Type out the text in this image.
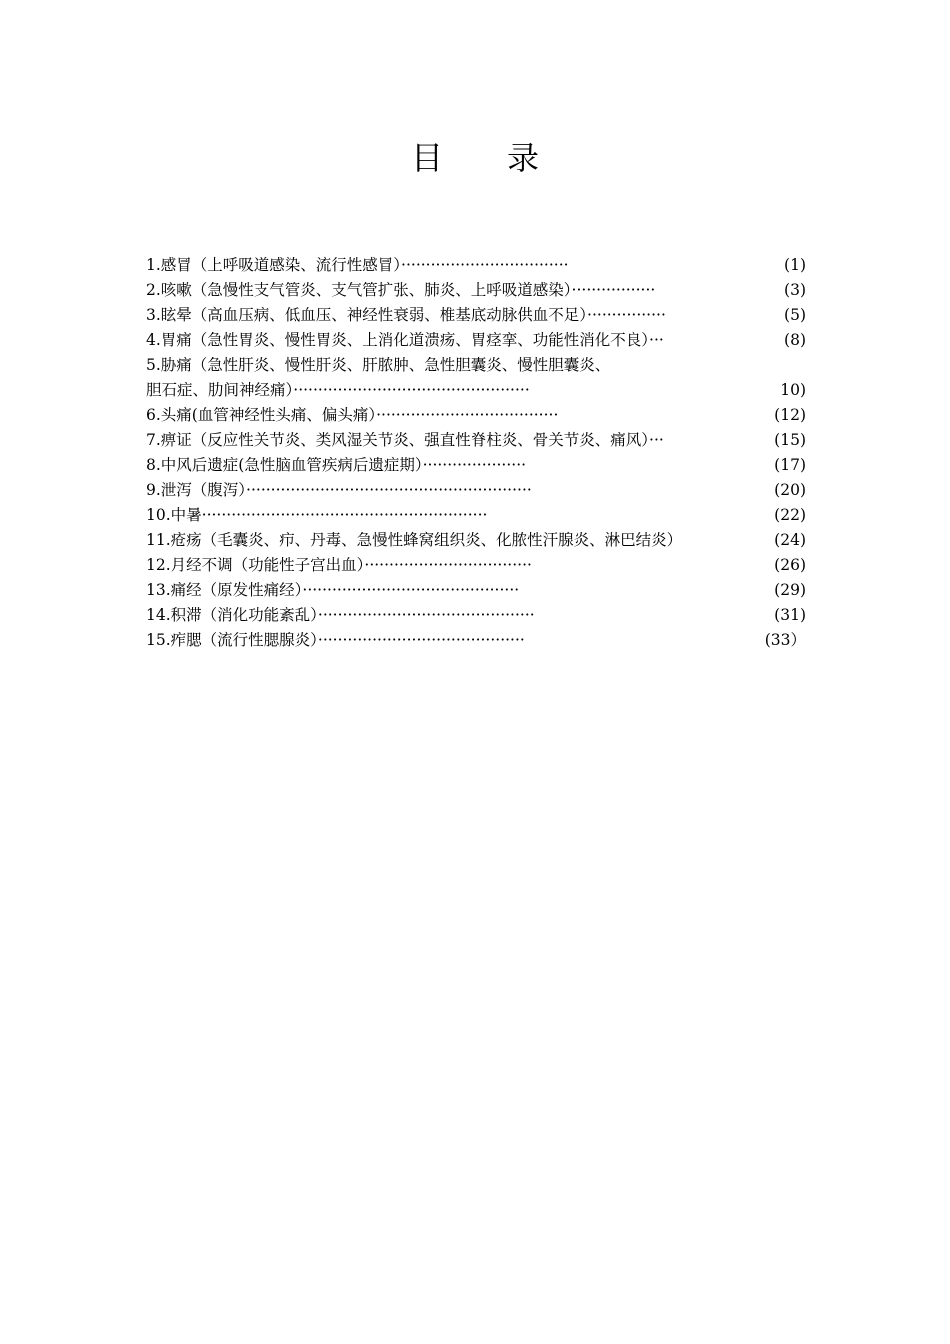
目 录
1.感冒（上呼吸道感染、流行性感冒）··································	(1)
2.咳嗽（急慢性支气管炎、支气管扩张、肺炎、上呼吸道感染）·················	(3)
3.眩晕（高血压病、低血压、神经性衰弱、椎基底动脉供血不足）················	(5)
4.胃痛（急性胃炎、慢性胃炎、上消化道溃疡、胃痉挛、功能性消化不良）···	(8)
5.胁痛（急性肝炎、慢性肝炎、肝脓肿、急性胆囊炎、慢性胆囊炎、
胆石症、肋间神经痛）················································	10)
6.头痛(血管神经性头痛、偏头痛）·····································	(12)
7.痹证（反应性关节炎、类风湿关节炎、强直性脊柱炎、骨关节炎、痛风）···	(15)
8.中风后遗症(急性脑血管疾病后遗症期）·····················	(17)
9.泄泻（腹泻）··························································	(20)
10.中暑··························································	(22)
11.疮疡（毛囊炎、疖、丹毒、急慢性蜂窝组织炎、化脓性汗腺炎、淋巴结炎）	(24)
12.月经不调（功能性子宫出血）··································	(26)
13.痛经（原发性痛经）············································	(29)
14.积滞（消化功能紊乱）············································	(31)
15.痄腮（流行性腮腺炎）··········································	(33）
